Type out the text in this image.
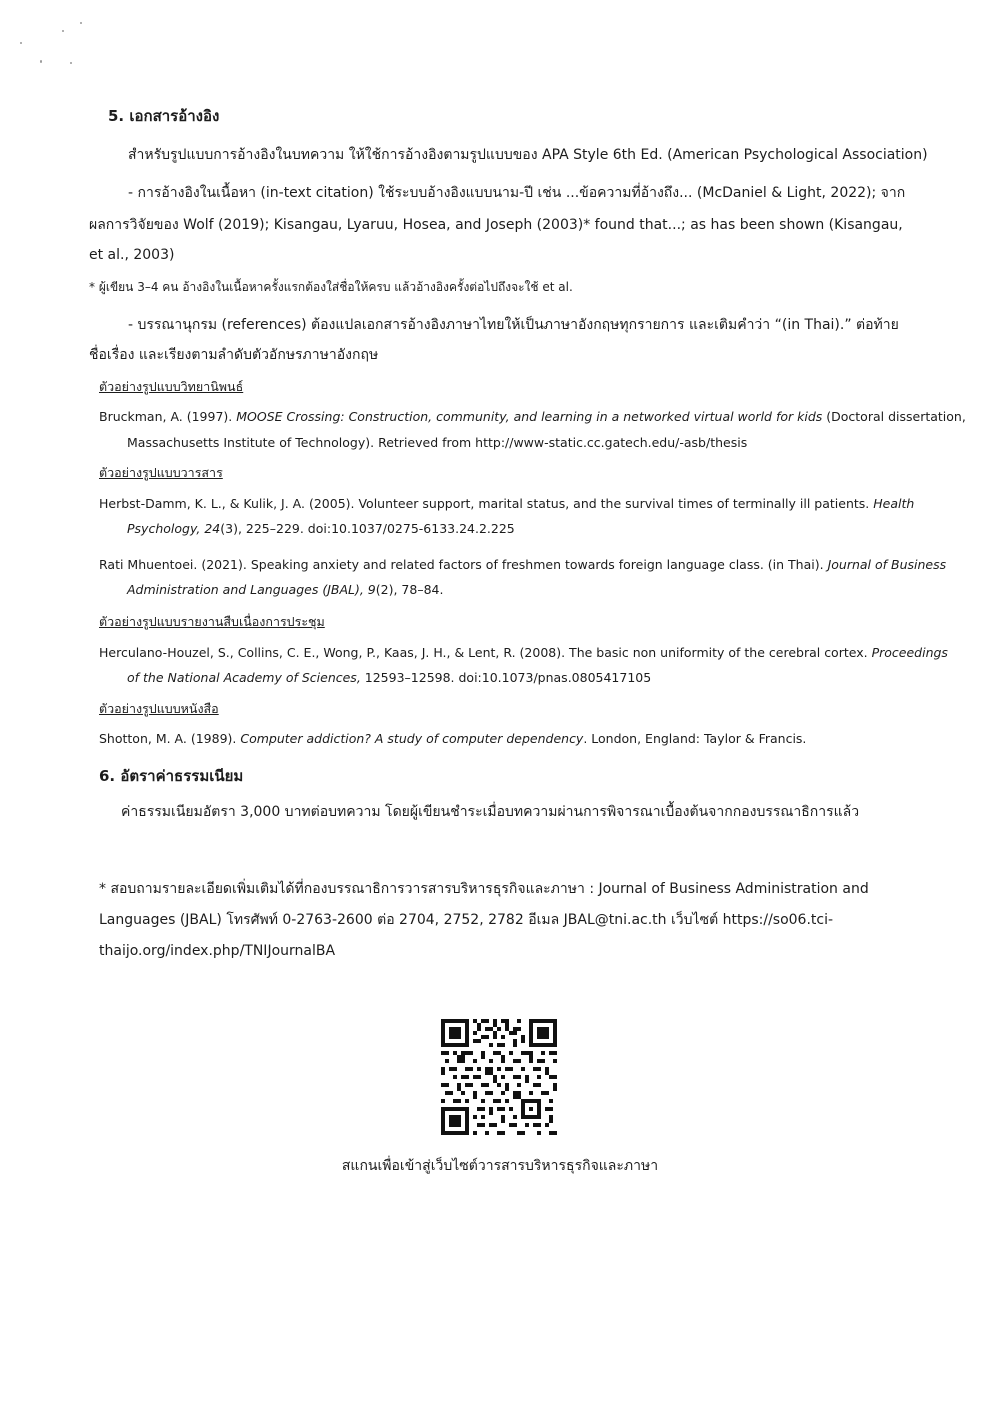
5. เอกสารอ้างอิง
สำหรับรูปแบบการอ้างอิงในบทความ ให้ใช้การอ้างอิงตามรูปแบบของ APA Style 6th Ed. (American Psychological Association)
- การอ้างอิงในเนื้อหา (in-text citation) ใช้ระบบอ้างอิงแบบนาม-ปี เช่น ...ข้อความที่อ้างถึง... (McDaniel & Light, 2022); จาก
ผลการวิจัยของ Wolf (2019); Kisangau, Lyaruu, Hosea, and Joseph (2003)* found that...; as has been shown (Kisangau,
et al., 2003)
* ผู้เขียน 3–4 คน อ้างอิงในเนื้อหาครั้งแรกต้องใส่ชื่อให้ครบ แล้วอ้างอิงครั้งต่อไปถึงจะใช้ et al.
- บรรณานุกรม (references) ต้องแปลเอกสารอ้างอิงภาษาไทยให้เป็นภาษาอังกฤษทุกรายการ และเติมคำว่า “(in Thai).” ต่อท้าย
ชื่อเรื่อง และเรียงตามลำดับตัวอักษรภาษาอังกฤษ
ตัวอย่างรูปแบบวิทยานิพนธ์
Bruckman, A. (1997). MOOSE Crossing: Construction, community, and learning in a networked virtual world for kids (Doctoral dissertation,
Massachusetts Institute of Technology). Retrieved from http://www-static.cc.gatech.edu/-asb/thesis
ตัวอย่างรูปแบบวารสาร
Herbst-Damm, K. L., & Kulik, J. A. (2005). Volunteer support, marital status, and the survival times of terminally ill patients. Health
Psychology, 24(3), 225–229. doi:10.1037/0275-6133.24.2.225
Rati Mhuentoei. (2021). Speaking anxiety and related factors of freshmen towards foreign language class. (in Thai). Journal of Business
Administration and Languages (JBAL), 9(2), 78–84.
ตัวอย่างรูปแบบรายงานสืบเนื่องการประชุม
Herculano-Houzel, S., Collins, C. E., Wong, P., Kaas, J. H., & Lent, R. (2008). The basic non uniformity of the cerebral cortex. Proceedings
of the National Academy of Sciences, 12593–12598. doi:10.1073/pnas.0805417105
ตัวอย่างรูปแบบหนังสือ
Shotton, M. A. (1989). Computer addiction? A study of computer dependency. London, England: Taylor & Francis.
6. อัตราค่าธรรมเนียม
ค่าธรรมเนียมอัตรา 3,000 บาทต่อบทความ โดยผู้เขียนชำระเมื่อบทความผ่านการพิจารณาเบื้องต้นจากกองบรรณาธิการแล้ว
* สอบถามรายละเอียดเพิ่มเติมได้ที่กองบรรณาธิการวารสารบริหารธุรกิจและภาษา : Journal of Business Administration and
Languages (JBAL) โทรศัพท์ 0-2763-2600 ต่อ 2704, 2752, 2782 อีเมล JBAL@tni.ac.th เว็บไซต์ https://so06.tci-
thaijo.org/index.php/TNIJournalBA
สแกนเพื่อเข้าสู่เว็บไซต์วารสารบริหารธุรกิจและภาษา
